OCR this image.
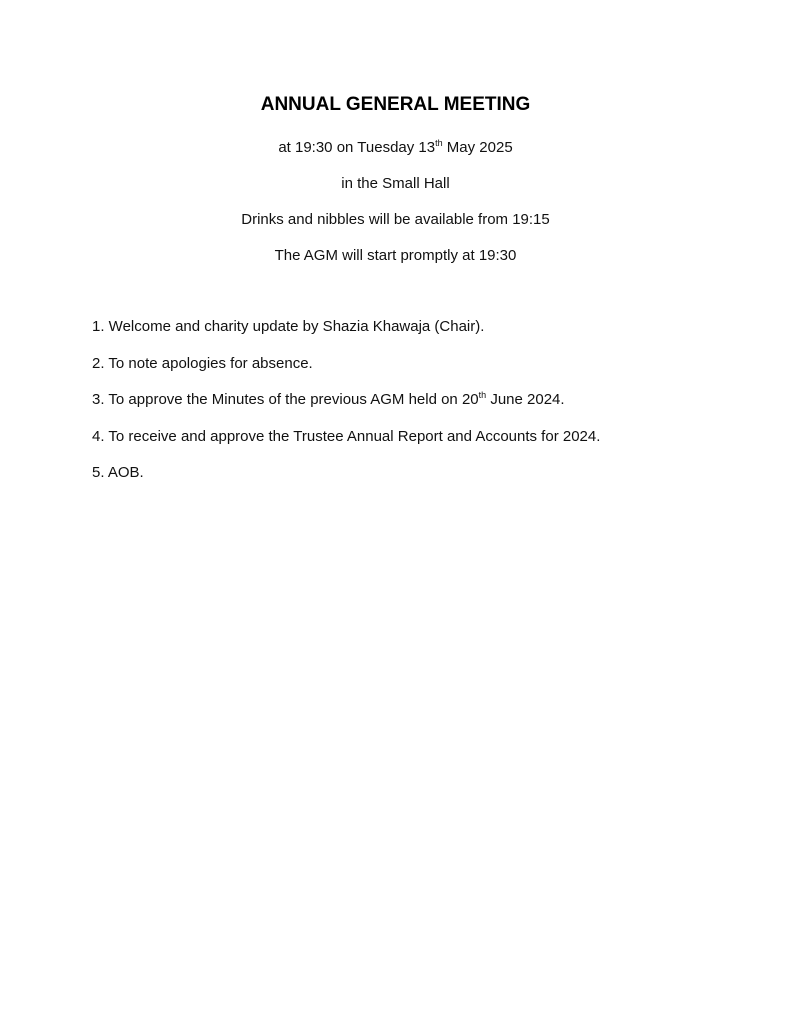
ANNUAL GENERAL MEETING
at 19:30 on Tuesday 13th May 2025
in the Small Hall
Drinks and nibbles will be available from 19:15
The AGM will start promptly at 19:30
1. Welcome and charity update by Shazia Khawaja (Chair).
2. To note apologies for absence.
3. To approve the Minutes of the previous AGM held on 20th June 2024.
4. To receive and approve the Trustee Annual Report and Accounts for 2024.
5. AOB.
